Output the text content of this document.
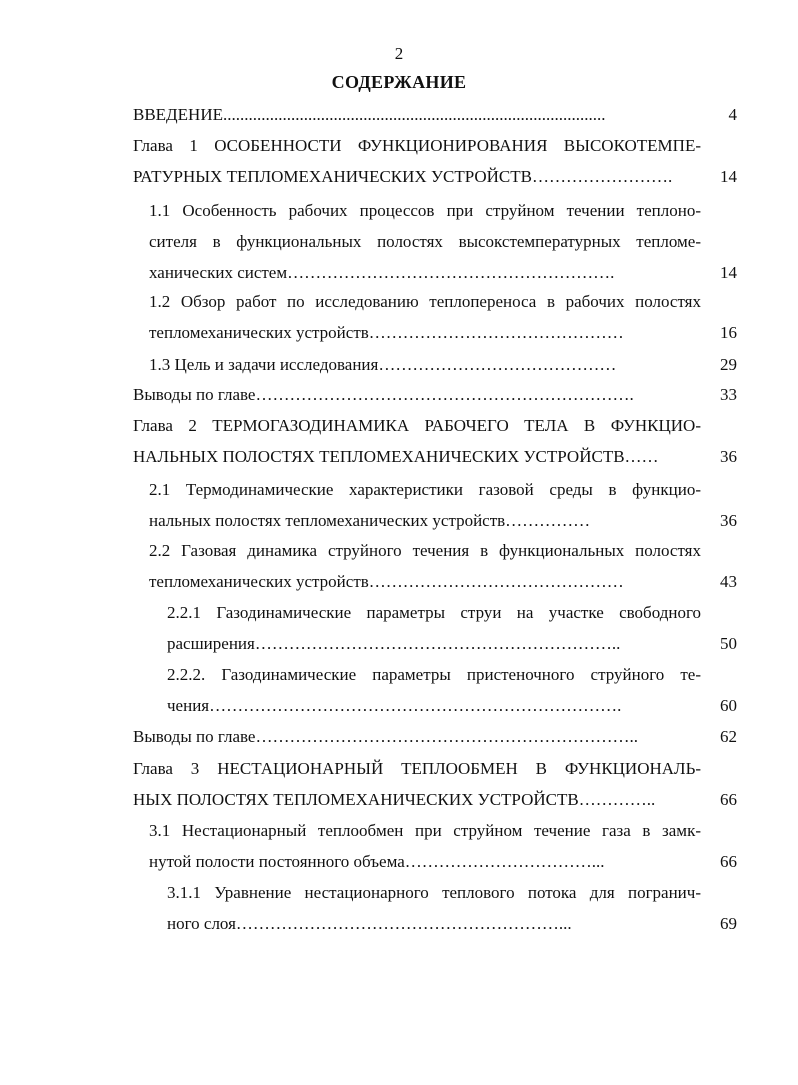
2
СОДЕРЖАНИЕ
ВВЕДЕНИЕ..........................................................................................	4
Глава 1 ОСОБЕННОСТИ ФУНКЦИОНИРОВАНИЯ ВЫСОКОТЕМПЕ-
РАТУРНЫХ ТЕПЛОМЕХАНИЧЕСКИХ УСТРОЙСТВ…………………….	14
1.1 Особенность рабочих процессов при струйном течении теплоно-
сителя в функциональных полостях высокстемпературных тепломе-
ханических систем………………………………………………….	14
1.2 Обзор работ по исследованию теплопереноса в рабочих полостях
тепломеханических устройств………………………………………	16
1.3 Цель и задачи исследования……………………………………	29
Выводы по главе………………………………………………………….	33
Глава 2 ТЕРМОГАЗОДИНАМИКА РАБОЧЕГО ТЕЛА В ФУНКЦИО-
НАЛЬНЫХ ПОЛОСТЯХ ТЕПЛОМЕХАНИЧЕСКИХ УСТРОЙСТВ……	36
2.1 Термодинамические характеристики газовой среды в функцио-
нальных полостях тепломеханических устройств……………	36
2.2 Газовая динамика струйного течения в функциональных полостях
тепломеханических устройств………………………………………	43
2.2.1 Газодинамические параметры струи на участке свободного
расширения………………………………………………………..	50
2.2.2. Газодинамические параметры пристеночного струйного те-
чения……………………………………………………………….	60
Выводы по главе…………………………………………………………..	62
Глава 3 НЕСТАЦИОНАРНЫЙ ТЕПЛООБМЕН В ФУНКЦИОНАЛЬ-
НЫХ ПОЛОСТЯХ ТЕПЛОМЕХАНИЧЕСКИХ УСТРОЙСТВ…………..	66
3.1 Нестационарный теплообмен при струйном течение газа в замк-
нутой полости постоянного объема……………………………...	66
3.1.1 Уравнение нестационарного теплового потока для погранич-
ного слоя…………………………………………………...	69
